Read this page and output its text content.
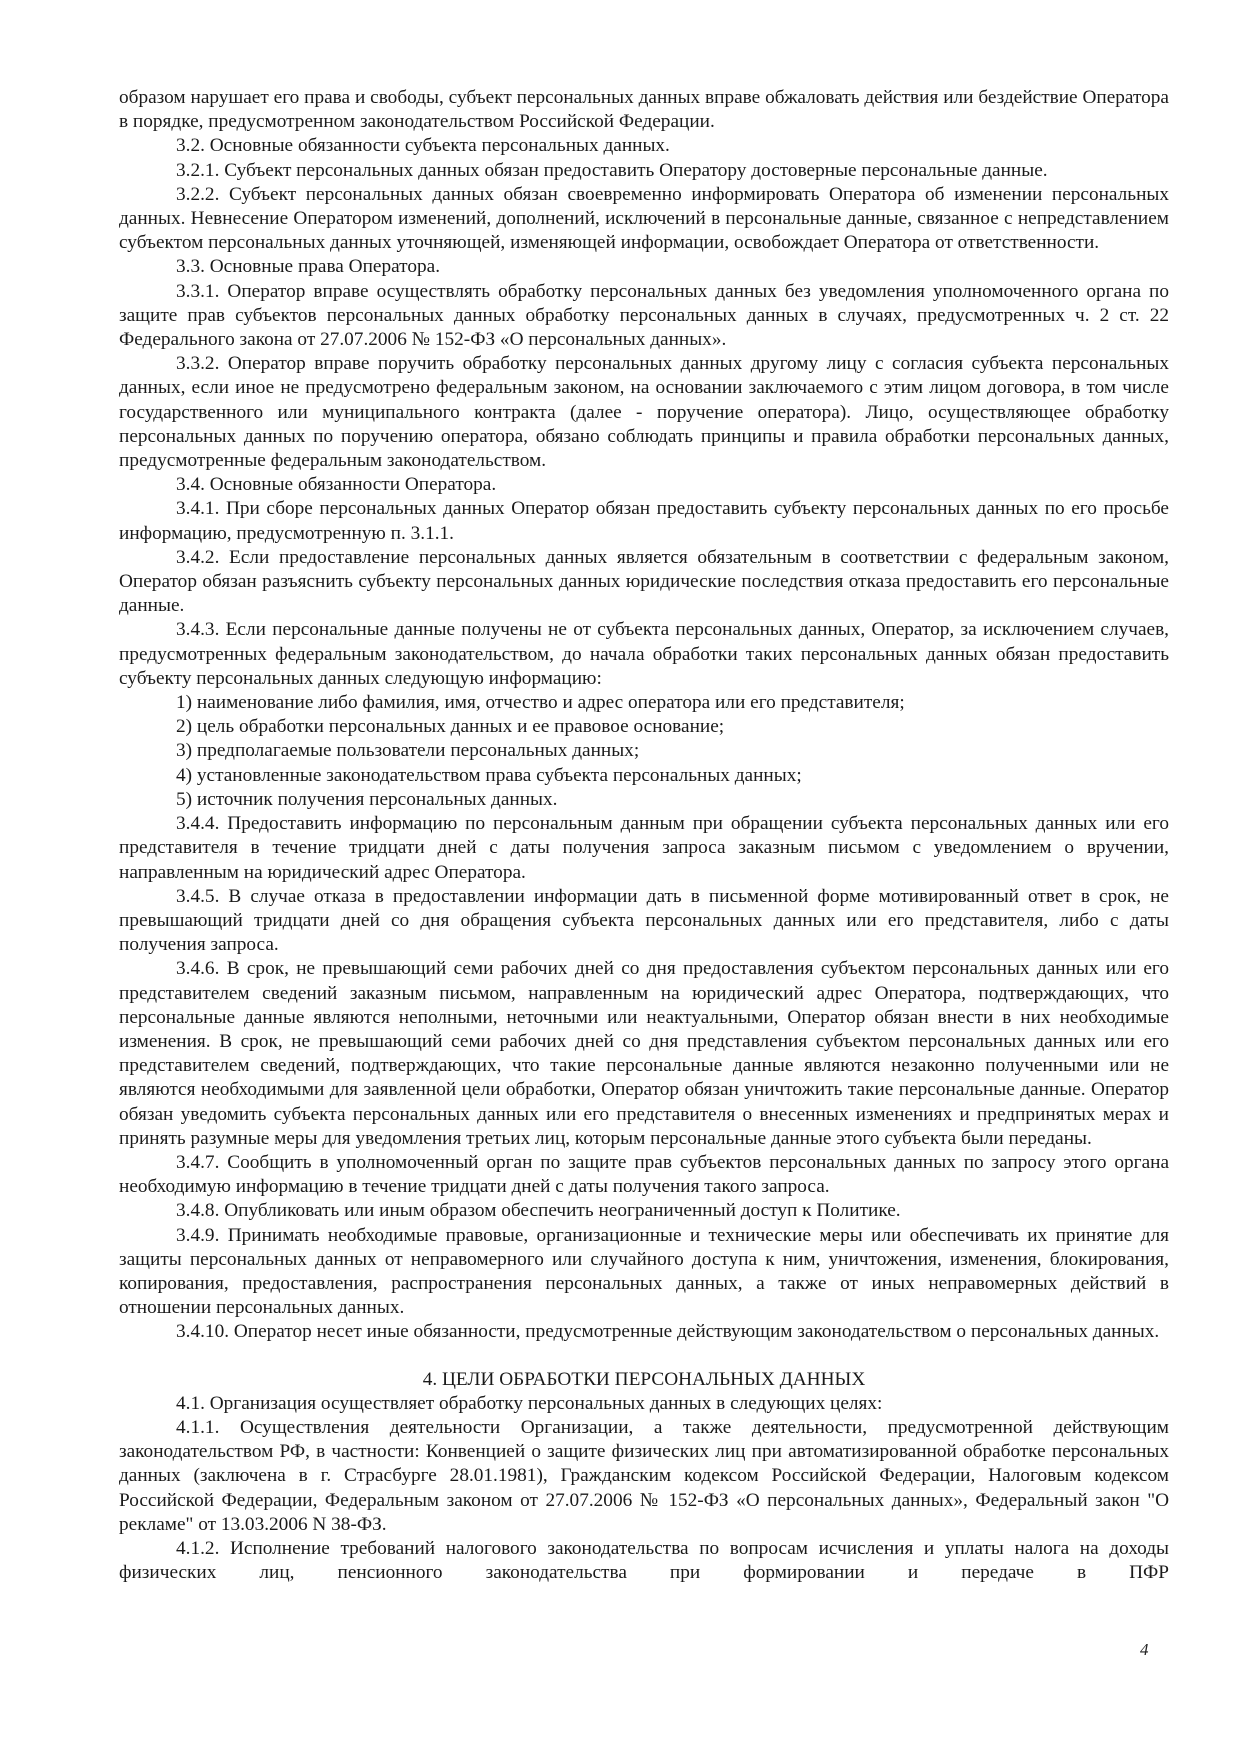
образом нарушает его права и свободы, субъект персональных данных вправе обжаловать действия или бездействие Оператора в порядке, предусмотренном законодательством Российской Федерации.

3.2. Основные обязанности субъекта персональных данных.

3.2.1. Субъект персональных данных обязан предоставить Оператору достоверные персональные данные.

3.2.2. Субъект персональных данных обязан своевременно информировать Оператора об изменении персональных данных. Невнесение Оператором изменений, дополнений, исключений в персональные данные, связанное с непредставлением субъектом персональных данных уточняющей, изменяющей информации, освобождает Оператора от ответственности.

3.3. Основные права Оператора.

3.3.1. Оператор вправе осуществлять обработку персональных данных без уведомления уполномоченного органа по защите прав субъектов персональных данных обработку персональных данных в случаях, предусмотренных ч. 2 ст. 22 Федерального закона от 27.07.2006 № 152-ФЗ «О персональных данных».

3.3.2. Оператор вправе поручить обработку персональных данных другому лицу с согласия субъекта персональных данных, если иное не предусмотрено федеральным законом, на основании заключаемого с этим лицом договора, в том числе государственного или муниципального контракта (далее - поручение оператора). Лицо, осуществляющее обработку персональных данных по поручению оператора, обязано соблюдать принципы и правила обработки персональных данных, предусмотренные федеральным законодательством.

3.4. Основные обязанности Оператора.

3.4.1. При сборе персональных данных Оператор обязан предоставить субъекту персональных данных по его просьбе информацию, предусмотренную п. 3.1.1.

3.4.2. Если предоставление персональных данных является обязательным в соответствии с федеральным законом, Оператор обязан разъяснить субъекту персональных данных юридические последствия отказа предоставить его персональные данные.

3.4.3. Если персональные данные получены не от субъекта персональных данных, Оператор, за исключением случаев, предусмотренных федеральным законодательством, до начала обработки таких персональных данных обязан предоставить субъекту персональных данных следующую информацию:

1) наименование либо фамилия, имя, отчество и адрес оператора или его представителя;

2) цель обработки персональных данных и ее правовое основание;

3) предполагаемые пользователи персональных данных;

4) установленные законодательством права субъекта персональных данных;

5) источник получения персональных данных.

3.4.4. Предоставить информацию по персональным данным при обращении субъекта персональных данных или его представителя в течение тридцати дней с даты получения запроса заказным письмом с уведомлением о вручении, направленным на юридический адрес Оператора.

3.4.5. В случае отказа в предоставлении информации дать в письменной форме мотивированный ответ в срок, не превышающий тридцати дней со дня обращения субъекта персональных данных или его представителя, либо с даты получения запроса.

3.4.6. В срок, не превышающий семи рабочих дней со дня предоставления субъектом персональных данных или его представителем сведений заказным письмом, направленным на юридический адрес Оператора, подтверждающих, что персональные данные являются неполными, неточными или неактуальными, Оператор обязан внести в них необходимые изменения. В срок, не превышающий семи рабочих дней со дня представления субъектом персональных данных или его представителем сведений, подтверждающих, что такие персональные данные являются незаконно полученными или не являются необходимыми для заявленной цели обработки, Оператор обязан уничтожить такие персональные данные. Оператор обязан уведомить субъекта персональных данных или его представителя о внесенных изменениях и предпринятых мерах и принять разумные меры для уведомления третьих лиц, которым персональные данные этого субъекта были переданы.

3.4.7. Сообщить в уполномоченный орган по защите прав субъектов персональных данных по запросу этого органа необходимую информацию в течение тридцати дней с даты получения такого запроса.

3.4.8. Опубликовать или иным образом обеспечить неограниченный доступ к Политике.

3.4.9. Принимать необходимые правовые, организационные и технические меры или обеспечивать их принятие для защиты персональных данных от неправомерного или случайного доступа к ним, уничтожения, изменения, блокирования, копирования, предоставления, распространения персональных данных, а также от иных неправомерных действий в отношении персональных данных.

3.4.10. Оператор несет иные обязанности, предусмотренные действующим законодательством о персональных данных.

4. ЦЕЛИ ОБРАБОТКИ ПЕРСОНАЛЬНЫХ ДАННЫХ

4.1. Организация осуществляет обработку персональных данных в следующих целях:

4.1.1. Осуществления деятельности Организации, а также деятельности, предусмотренной действующим законодательством РФ, в частности: Конвенцией о защите физических лиц при автоматизированной обработке персональных данных (заключена в г. Страсбурге 28.01.1981), Гражданским кодексом Российской Федерации, Налоговым кодексом Российской Федерации, Федеральным законом от 27.07.2006 № 152-ФЗ «О персональных данных», Федеральный закон "О рекламе" от 13.03.2006 N 38-ФЗ.

4.1.2. Исполнение требований налогового законодательства по вопросам исчисления и уплаты налога на доходы физических лиц, пенсионного законодательства при формировании и передаче в ПФР

4
